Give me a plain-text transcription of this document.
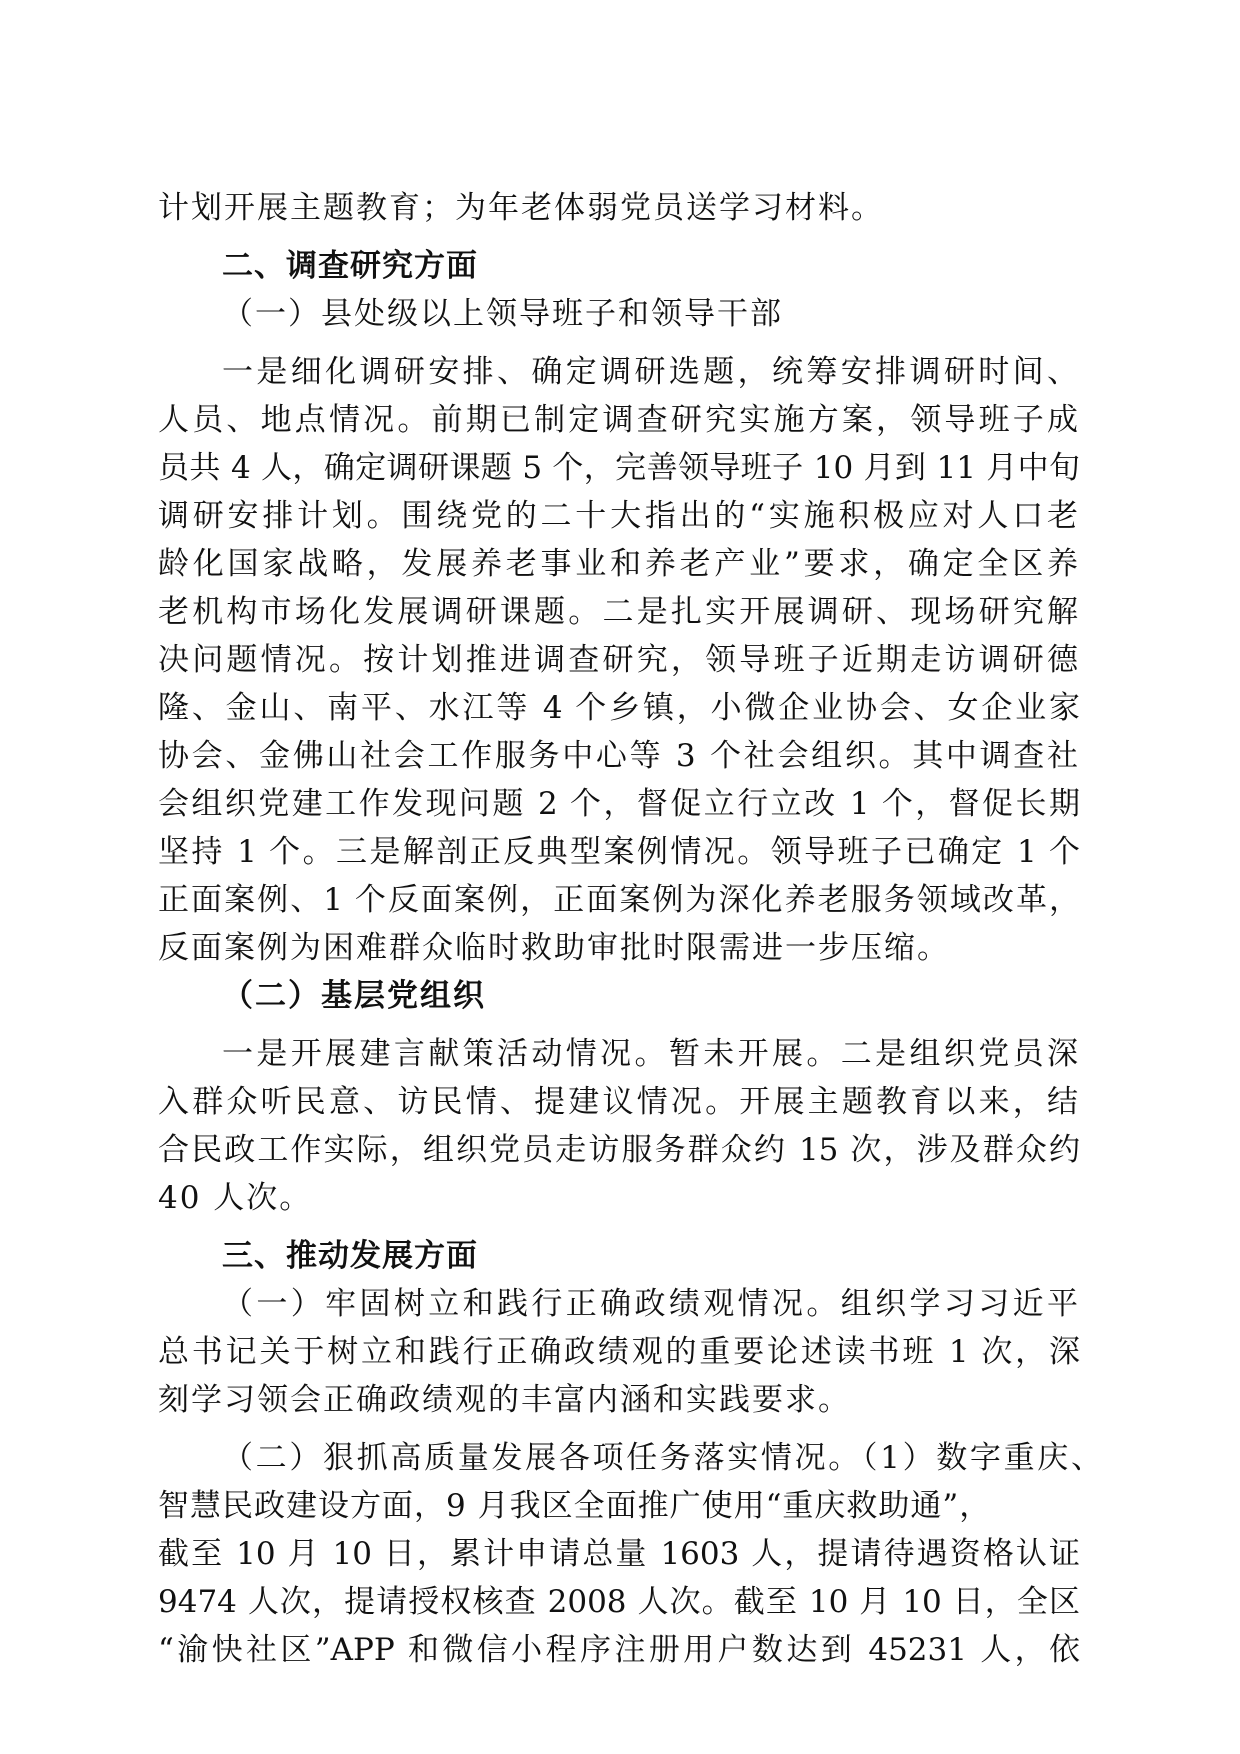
计划开展主题教育；为年老体弱党员送学习材料。
二、调查研究方面
（一）县处级以上领导班子和领导干部
一是细化调研安排、确定调研选题，统筹安排调研时间、
人员、地点情况。前期已制定调查研究实施方案，领导班子成
员共 4 人，确定调研课题 5 个，完善领导班子 10 月到 11 月中旬
调研安排计划。围绕党的二十大指出的“实施积极应对人口老
龄化国家战略，发展养老事业和养老产业”要求，确定全区养
老机构市场化发展调研课题。二是扎实开展调研、现场研究解
决问题情况。按计划推进调查研究，领导班子近期走访调研德
隆、金山、南平、水江等 4 个乡镇，小微企业协会、女企业家
协会、金佛山社会工作服务中心等 3 个社会组织。其中调查社
会组织党建工作发现问题 2 个，督促立行立改 1 个，督促长期
坚持 1 个。三是解剖正反典型案例情况。领导班子已确定 1 个
正面案例、1 个反面案例，正面案例为深化养老服务领域改革，
反面案例为困难群众临时救助审批时限需进一步压缩。
（二）基层党组织
一是开展建言献策活动情况。暂未开展。二是组织党员深
入群众听民意、访民情、提建议情况。开展主题教育以来，结
合民政工作实际，组织党员走访服务群众约 15 次，涉及群众约
40 人次。
三、推动发展方面
（一）牢固树立和践行正确政绩观情况。组织学习习近平
总书记关于树立和践行正确政绩观的重要论述读书班 1 次，深
刻学习领会正确政绩观的丰富内涵和实践要求。
（二）狠抓高质量发展各项任务落实情况。（1）数字重庆、
智慧民政建设方面，9 月我区全面推广使用“重庆救助通”，
截至 10 月 10 日，累计申请总量 1603 人，提请待遇资格认证
9474 人次，提请授权核查 2008 人次。截至 10 月 10 日，全区
“渝快社区”APP 和微信小程序注册用户数达到 45231 人，依
